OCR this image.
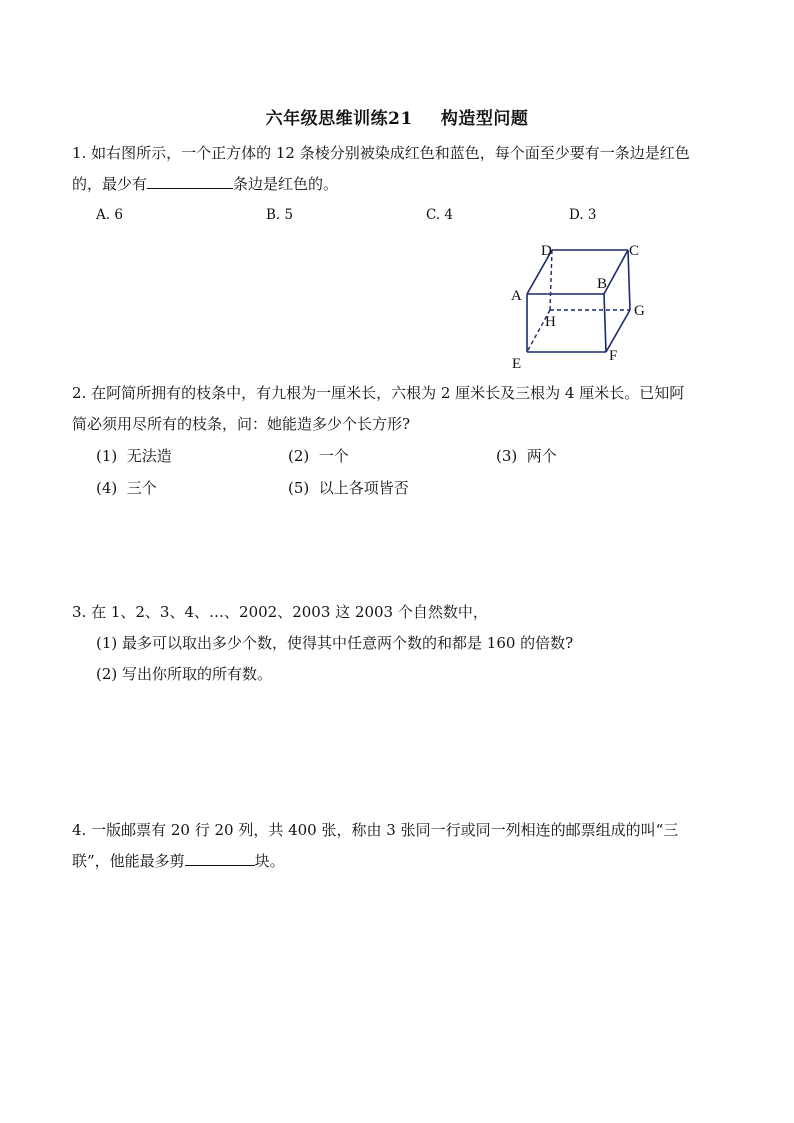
六年级思维训练21 构造型问题
1. 如右图所示，一个正方体的 12 条棱分别被染成红色和蓝色，每个面至少要有一条边是红色
的，最少有	条边是红色的。
A. 6	B. 5	C. 4	D. 3
D	C
A
B
G
H
E	F
2. 在阿简所拥有的枝条中，有九根为一厘米长，六根为 2 厘米长及三根为 4 厘米长。已知阿
简必须用尽所有的枝条，问：她能造多少个长方形?
(1) 无法造	(2) 一个	(3) 两个
(4) 三个	(5) 以上各项皆否
3. 在 1、2、3、4、…、2002、2003 这 2003 个自然数中，
(1) 最多可以取出多少个数，使得其中任意两个数的和都是 160 的倍数?
(2) 写出你所取的所有数。
4. 一版邮票有 20 行 20 列，共 400 张，称由 3 张同一行或同一列相连的邮票组成的叫“三
联”，他能最多剪	块。
